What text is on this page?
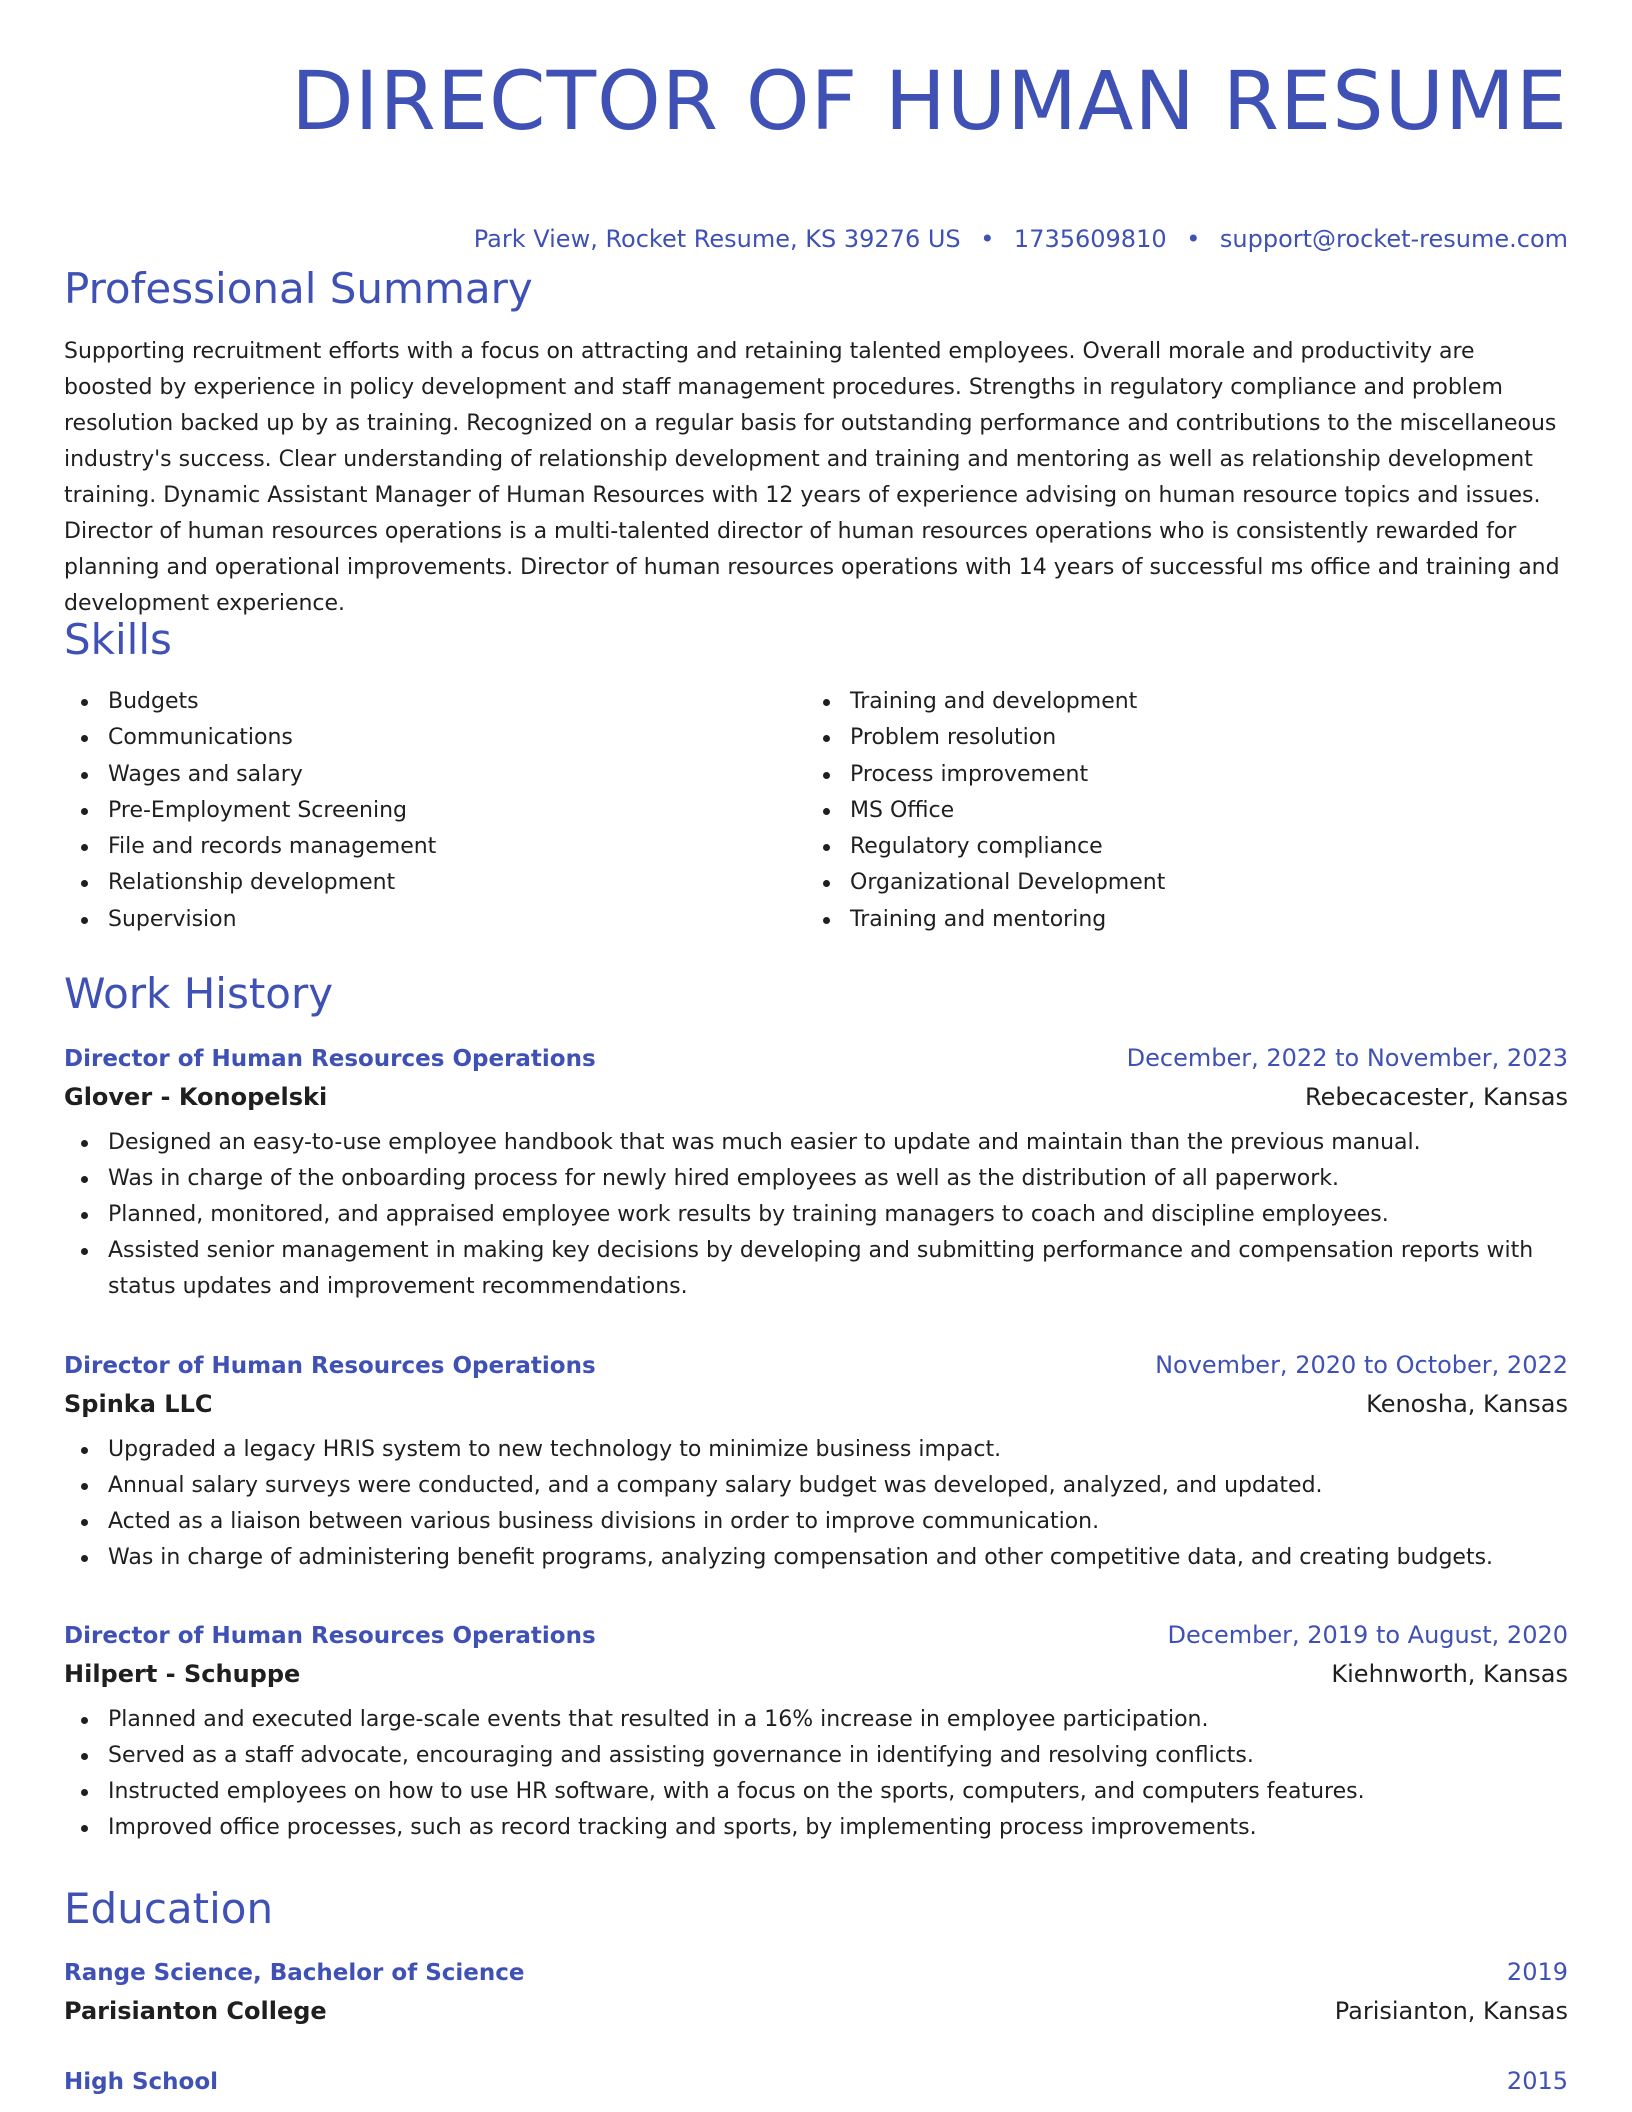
DIRECTOR OF HUMAN RESUME
Park View, Rocket Resume, KS 39276 US • 1735609810 • support@rocket-resume.com
Professional Summary
Supporting recruitment efforts with a focus on attracting and retaining talented employees. Overall morale and productivity are boosted by experience in policy development and staff management procedures. Strengths in regulatory compliance and problem resolution backed up by as training. Recognized on a regular basis for outstanding performance and contributions to the miscellaneous industry's success. Clear understanding of relationship development and training and mentoring as well as relationship development training. Dynamic Assistant Manager of Human Resources with 12 years of experience advising on human resource topics and issues. Director of human resources operations is a multi-talented director of human resources operations who is consistently rewarded for planning and operational improvements. Director of human resources operations with 14 years of successful ms office and training and development experience.
Skills
Budgets
Communications
Wages and salary
Pre-Employment Screening
File and records management
Relationship development
Supervision
Training and development
Problem resolution
Process improvement
MS Office
Regulatory compliance
Organizational Development
Training and mentoring
Work History
Director of Human Resources Operations	December, 2022 to November, 2023
Glover - Konopelski	Rebecacester, Kansas
Designed an easy-to-use employee handbook that was much easier to update and maintain than the previous manual.
Was in charge of the onboarding process for newly hired employees as well as the distribution of all paperwork.
Planned, monitored, and appraised employee work results by training managers to coach and discipline employees.
Assisted senior management in making key decisions by developing and submitting performance and compensation reports with status updates and improvement recommendations.
Director of Human Resources Operations	November, 2020 to October, 2022
Spinka LLC	Kenosha, Kansas
Upgraded a legacy HRIS system to new technology to minimize business impact.
Annual salary surveys were conducted, and a company salary budget was developed, analyzed, and updated.
Acted as a liaison between various business divisions in order to improve communication.
Was in charge of administering benefit programs, analyzing compensation and other competitive data, and creating budgets.
Director of Human Resources Operations	December, 2019 to August, 2020
Hilpert - Schuppe	Kiehnworth, Kansas
Planned and executed large-scale events that resulted in a 16% increase in employee participation.
Served as a staff advocate, encouraging and assisting governance in identifying and resolving conflicts.
Instructed employees on how to use HR software, with a focus on the sports, computers, and computers features.
Improved office processes, such as record tracking and sports, by implementing process improvements.
Education
Range Science, Bachelor of Science	2019
Parisianton College	Parisianton, Kansas
High School	2015
